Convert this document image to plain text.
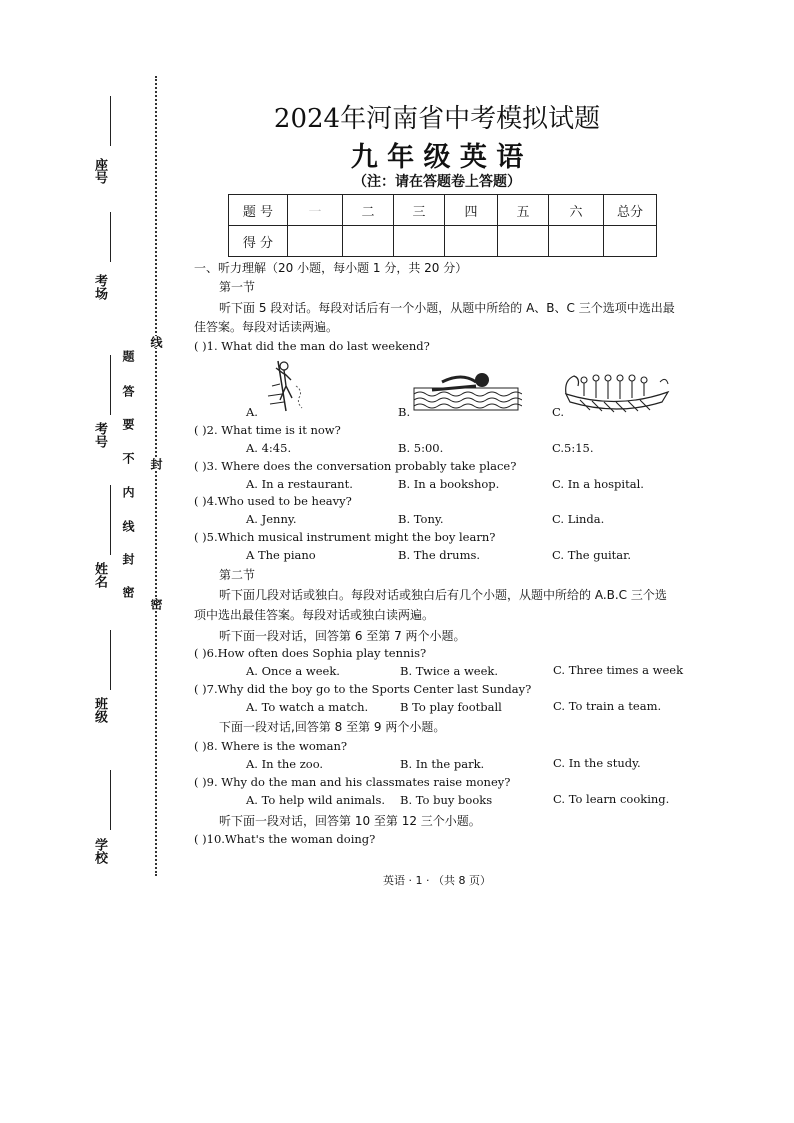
座号
考场
考号
姓名
班级
学校
题
答
要
不
内
线
封
密
线
封
密
2024年河南省中考模拟试题
九 年 级 英 语
（注：请在答题卷上答题）
题 号	一	二	三	四	五	六	总分
得 分							
一、听力理解（20 小题，每小题 1 分，共 20 分）
第一节
听下面 5 段对话。每段对话后有一个小题，从题中所给的 A、B、C 三个选项中选出最
佳答案。每段对话读两遍。
( )1. What did the man do last weekend?
A.	B.	C.
( )2. What time is it now?
A. 4:45.	B. 5:00.	C.5:15.
( )3. Where does the conversation probably take place?
A. In a restaurant.	B. In a bookshop.	C. In a hospital.
( )4.Who used to be heavy?
A. Jenny.	B. Tony.	C. Linda.
( )5.Which musical instrument might the boy learn?
A The piano	B. The drums.	C. The guitar.
第二节
听下面几段对话或独白。每段对话或独白后有几个小题，从题中所给的 A.B.C 三个选
项中选出最佳答案。每段对话或独白读两遍。
听下面一段对话，回答第 6 至第 7 两个小题。
( )6.How often does Sophia play tennis?
A. Once a week.	B. Twice a week.	C. Three times a week
( )7.Why did the boy go to the Sports Center last Sunday?
A. To watch a match.	B To play football	C. To train a team.
下面一段对话,回答第 8 至第 9 两个小题。
( )8. Where is the woman?
A. In the zoo.	B. In the park.	C. In the study.
( )9. Why do the man and his classmates raise money?
A. To help wild animals. B. To buy books	C. To learn cooking.
听下面一段对话，回答第 10 至第 12 三个小题。
( )10.What's the woman doing?
英语 · 1 · （共 8 页）
